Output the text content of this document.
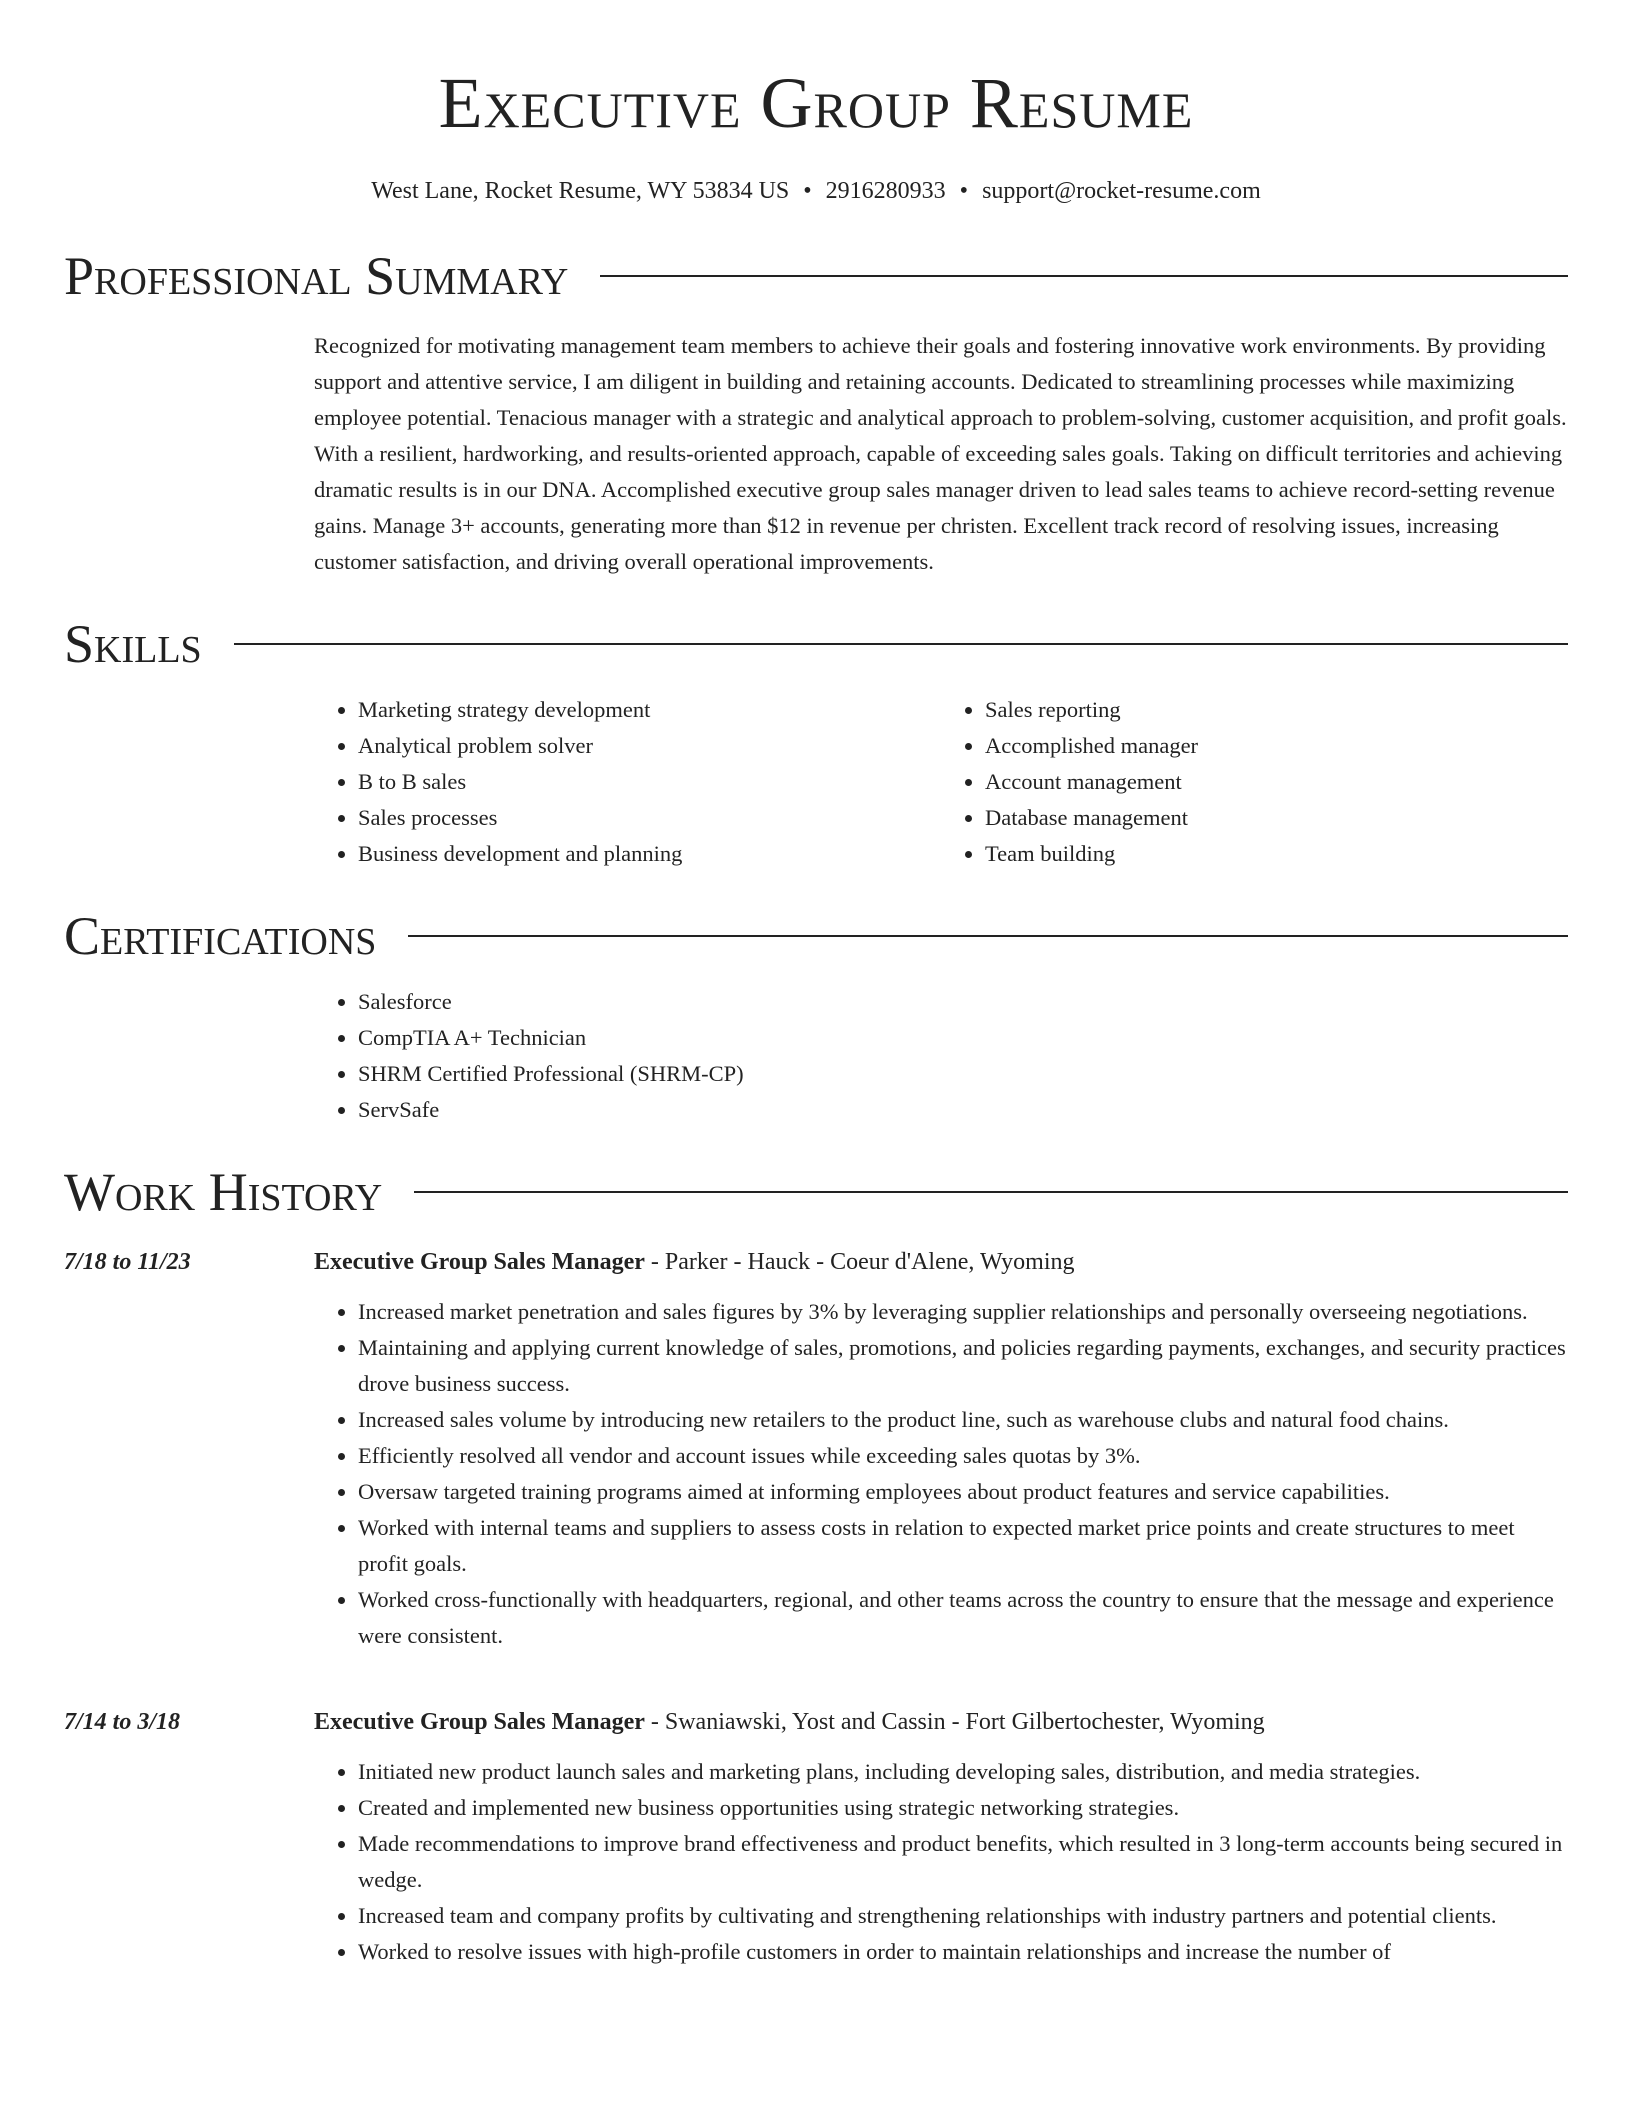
Executive Group Resume
West Lane, Rocket Resume, WY 53834 US • 2916280933 • support@rocket-resume.com
Professional Summary
Recognized for motivating management team members to achieve their goals and fostering innovative work environments. By providing support and attentive service, I am diligent in building and retaining accounts. Dedicated to streamlining processes while maximizing employee potential. Tenacious manager with a strategic and analytical approach to problem-solving, customer acquisition, and profit goals. With a resilient, hardworking, and results-oriented approach, capable of exceeding sales goals. Taking on difficult territories and achieving dramatic results is in our DNA. Accomplished executive group sales manager driven to lead sales teams to achieve record-setting revenue gains. Manage 3+ accounts, generating more than $12 in revenue per christen. Excellent track record of resolving issues, increasing customer satisfaction, and driving overall operational improvements.
Skills
• Marketing strategy development
• Analytical problem solver
• B to B sales
• Sales processes
• Business development and planning
• Sales reporting
• Accomplished manager
• Account management
• Database management
• Team building
Certifications
• Salesforce
• CompTIA A+ Technician
• SHRM Certified Professional (SHRM-CP)
• ServSafe
Work History
7/18 to 11/23	Executive Group Sales Manager - Parker - Hauck - Coeur d'Alene, Wyoming
• Increased market penetration and sales figures by 3% by leveraging supplier relationships and personally overseeing negotiations.
• Maintaining and applying current knowledge of sales, promotions, and policies regarding payments, exchanges, and security practices drove business success.
• Increased sales volume by introducing new retailers to the product line, such as warehouse clubs and natural food chains.
• Efficiently resolved all vendor and account issues while exceeding sales quotas by 3%.
• Oversaw targeted training programs aimed at informing employees about product features and service capabilities.
• Worked with internal teams and suppliers to assess costs in relation to expected market price points and create structures to meet profit goals.
• Worked cross-functionally with headquarters, regional, and other teams across the country to ensure that the message and experience were consistent.
7/14 to 3/18	Executive Group Sales Manager - Swaniawski, Yost and Cassin - Fort Gilbertochester, Wyoming
• Initiated new product launch sales and marketing plans, including developing sales, distribution, and media strategies.
• Created and implemented new business opportunities using strategic networking strategies.
• Made recommendations to improve brand effectiveness and product benefits, which resulted in 3 long-term accounts being secured in wedge.
• Increased team and company profits by cultivating and strengthening relationships with industry partners and potential clients.
• Worked to resolve issues with high-profile customers in order to maintain relationships and increase the number of
